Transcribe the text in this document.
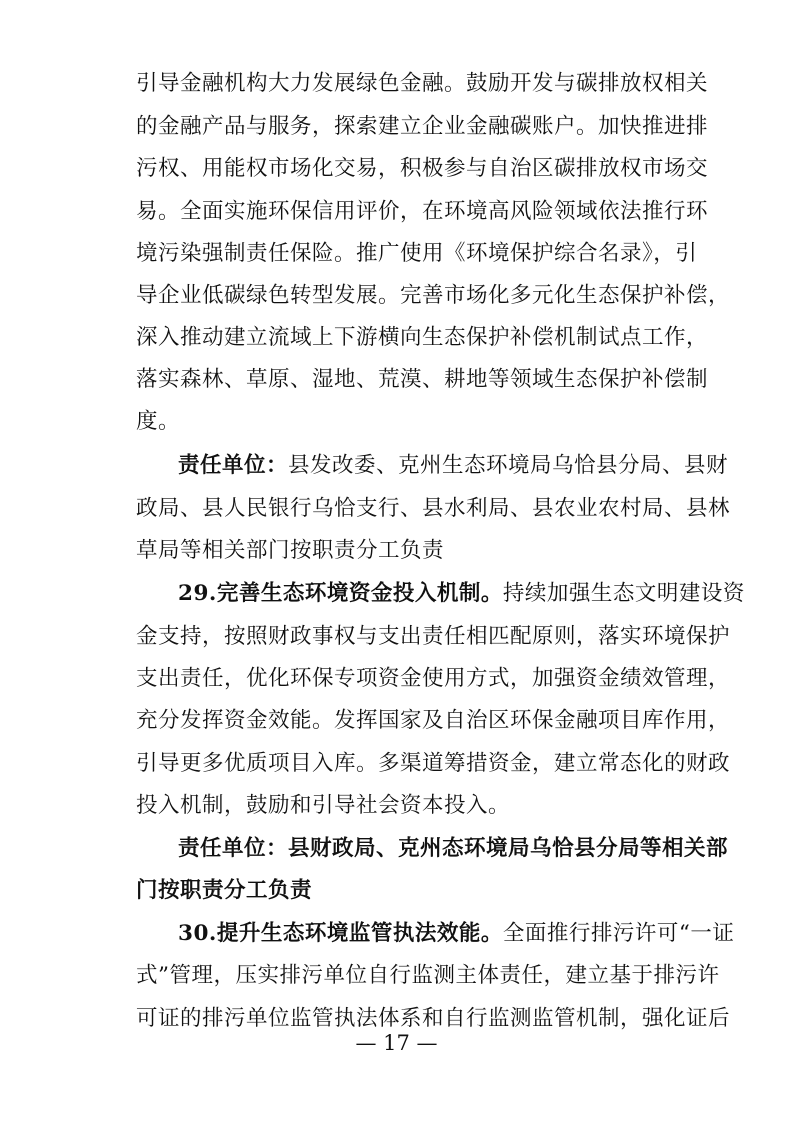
引导金融机构大力发展绿色金融。鼓励开发与碳排放权相关
的金融产品与服务，探索建立企业金融碳账户。加快推进排
污权、用能权市场化交易，积极参与自治区碳排放权市场交
易。全面实施环保信用评价，在环境高风险领域依法推行环
境污染强制责任保险。推广使用《环境保护综合名录》，引
导企业低碳绿色转型发展。完善市场化多元化生态保护补偿，
深入推动建立流域上下游横向生态保护补偿机制试点工作，
落实森林、草原、湿地、荒漠、耕地等领域生态保护补偿制
度。
责任单位：县发改委、克州生态环境局乌恰县分局、县财
政局、县人民银行乌恰支行、县水利局、县农业农村局、县林
草局等相关部门按职责分工负责
29.完善生态环境资金投入机制。持续加强生态文明建设资
金支持，按照财政事权与支出责任相匹配原则，落实环境保护
支出责任，优化环保专项资金使用方式，加强资金绩效管理，
充分发挥资金效能。发挥国家及自治区环保金融项目库作用，
引导更多优质项目入库。多渠道筹措资金，建立常态化的财政
投入机制，鼓励和引导社会资本投入。
责任单位：县财政局、克州态环境局乌恰县分局等相关部
门按职责分工负责
30.提升生态环境监管执法效能。全面推行排污许可“一证
式”管理，压实排污单位自行监测主体责任，建立基于排污许
可证的排污单位监管执法体系和自行监测监管机制，强化证后
— 17 —
